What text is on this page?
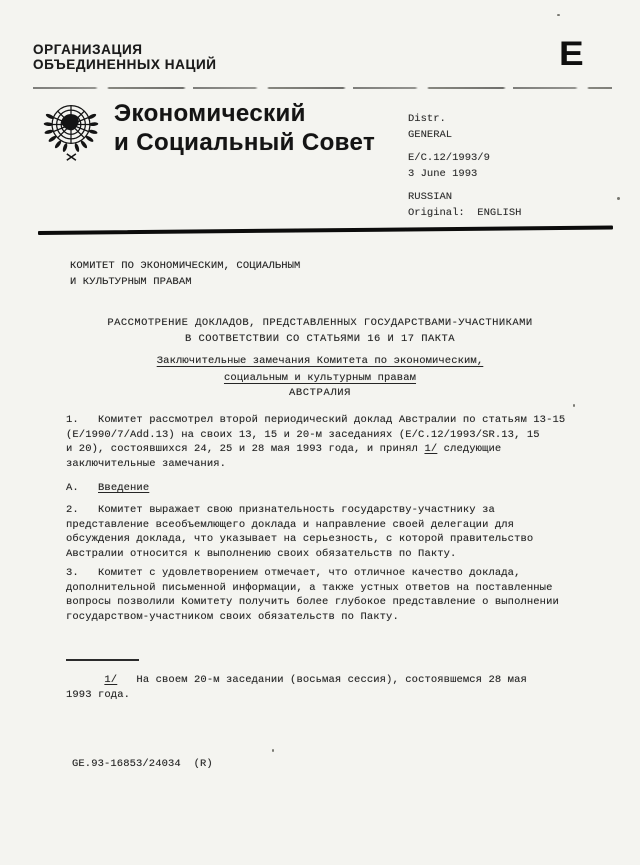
ОРГАНИЗАЦИЯ
ОБЪЕДИНЕННЫХ НАЦИЙ	E
Экономический
и Социальный Совет
Distr.
GENERAL
E/C.12/1993/9
3 June 1993
RUSSIAN
Original:  ENGLISH
КОМИТЕТ ПО ЭКОНОМИЧЕСКИМ, СОЦИАЛЬНЫМ
И КУЛЬТУРНЫМ ПРАВАМ
РАССМОТРЕНИЕ ДОКЛАДОВ, ПРЕДСТАВЛЕННЫХ ГОСУДАРСТВАМИ-УЧАСТНИКАМИ
В СООТВЕТСТВИИ СО СТАТЬЯМИ 16 И 17 ПАКТА
Заключительные замечания Комитета по экономическим,
социальным и культурным правам
АВСТРАЛИЯ
1.   Комитет рассмотрел второй периодический доклад Австралии по статьям 13-15
(E/1990/7/Add.13) на своих 13, 15 и 20-м заседаниях (E/C.12/1993/SR.13, 15
и 20), состоявшихся 24, 25 и 28 мая 1993 года, и принял 1/ следующие
заключительные замечания.
А.   Введение
2.   Комитет выражает свою признательность государству-участнику за
представление всеобъемлющего доклада и направление своей делегации для
обсуждения доклада, что указывает на серьезность, с которой правительство
Австралии относится к выполнению своих обязательств по Пакту.
3.   Комитет с удовлетворением отмечает, что отличное качество доклада,
дополнительной письменной информации, а также устных ответов на поставленные
вопросы позволили Комитету получить более глубокое представление о выполнении
государством-участником своих обязательств по Пакту.
1/   На своем 20-м заседании (восьмая сессия), состоявшемся 28 мая
1993 года.
GE.93-16853/24034  (R)
